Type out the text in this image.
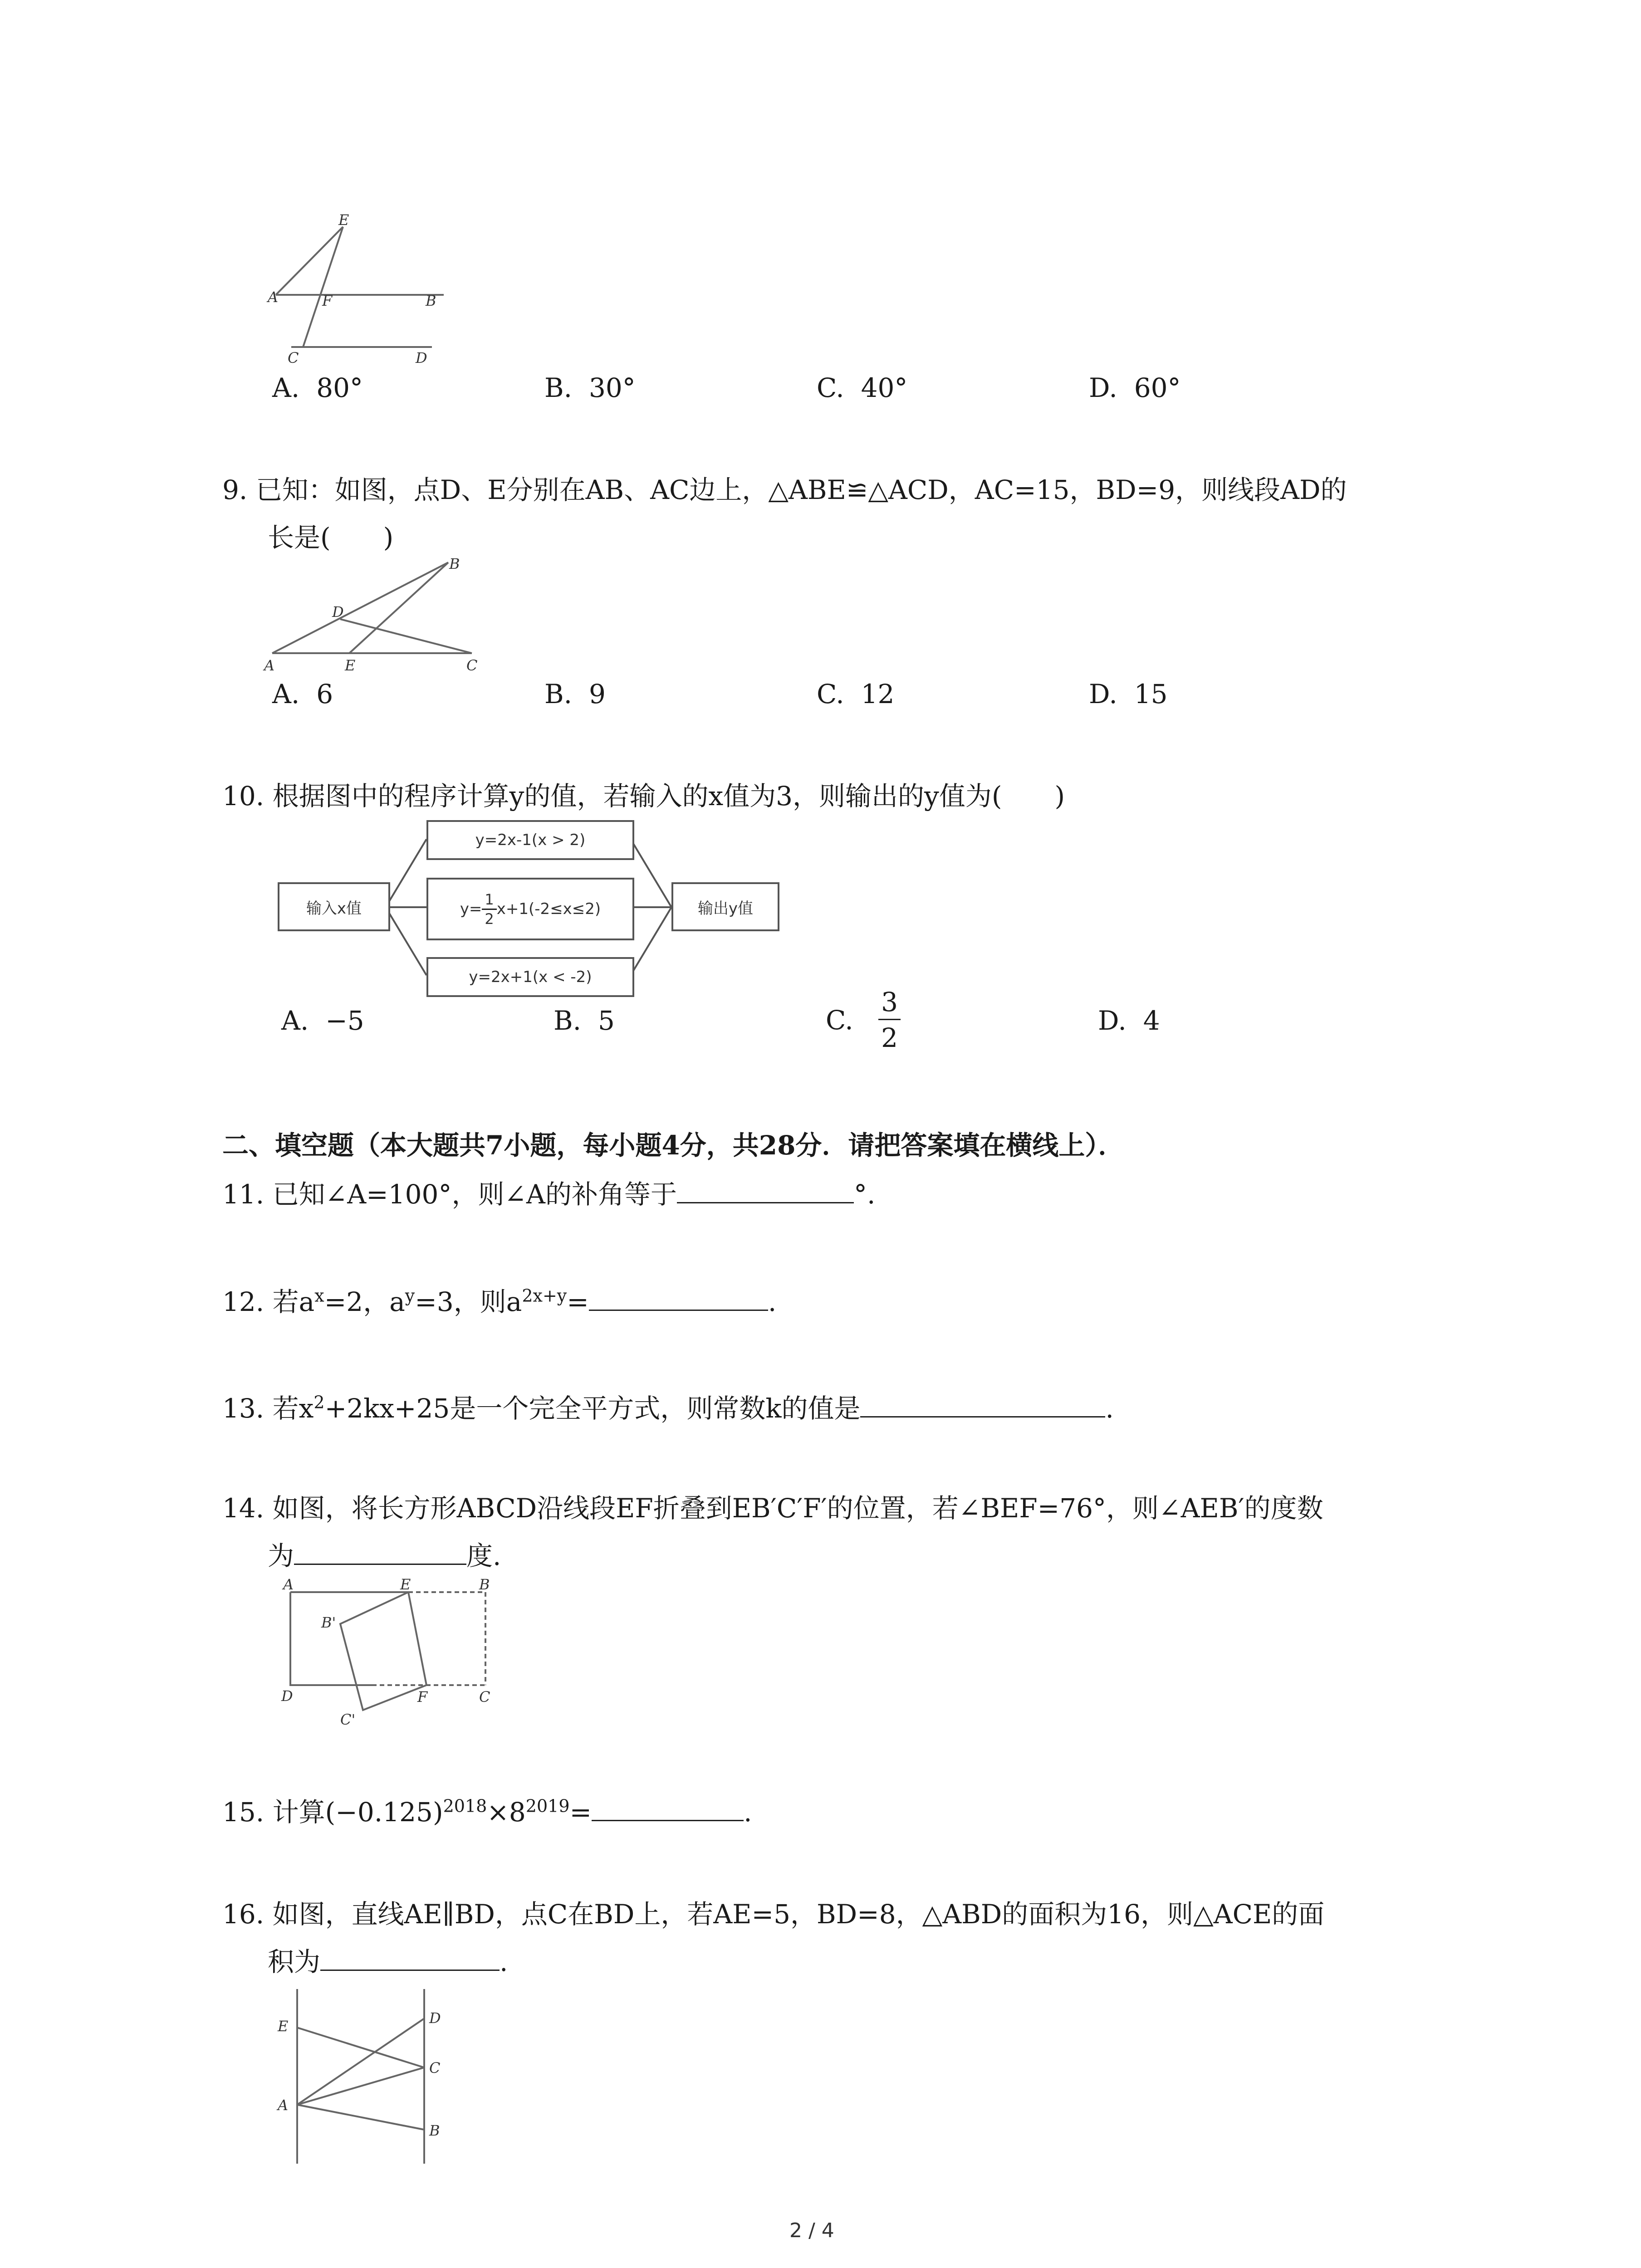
E
A	F	B
C	D
A. 80°	B. 30°	C. 40°	D. 60°
9. 已知：如图，点D、E分别在AB、AC边上，△ABE≌△ACD，AC=15，BD=9，则线段AD的
长是(　　)
B
D
A	E	C
A. 6	B. 9	C. 12	D. 15
10. 根据图中的程序计算y的值，若输入的x值为3，则输出的y值为(　　)
输入x值
y=2x-1(x > 2)
$y= \frac{1}{2} x+1(-2\le x\le 2)$
y=2x+1(x < -2)
输出y值
A. −5	B. 5	C.
$\frac{3}{2}$	D. 4
二、填空题（本大题共7小题，每小题4分，共28分．请把答案填在横线上）．
11. 已知∠A=100°，则∠A的补角等于	°.
12. 若$a^x=2$，$a^y=3$，则$a^{2x+y}=$	.
13. 若$x^2+2kx+25$是一个完全平方式，则常数k的值是	.
14. 如图，将长方形ABCD沿线段EF折叠到EB′C′F′的位置，若∠BEF=76°，则∠AEB′的度数
为	度.
A	E	B
B'
D	F	C
C'
15. 计算$(-0.125)^{2018}\times 8^{2019}=$	.
16. 如图，直线AE∥BD，点C在BD上，若AE=5，BD=8，△ABD的面积为16，则△ACE的面
积为	.
E	D
C
A
B
2 / 4
